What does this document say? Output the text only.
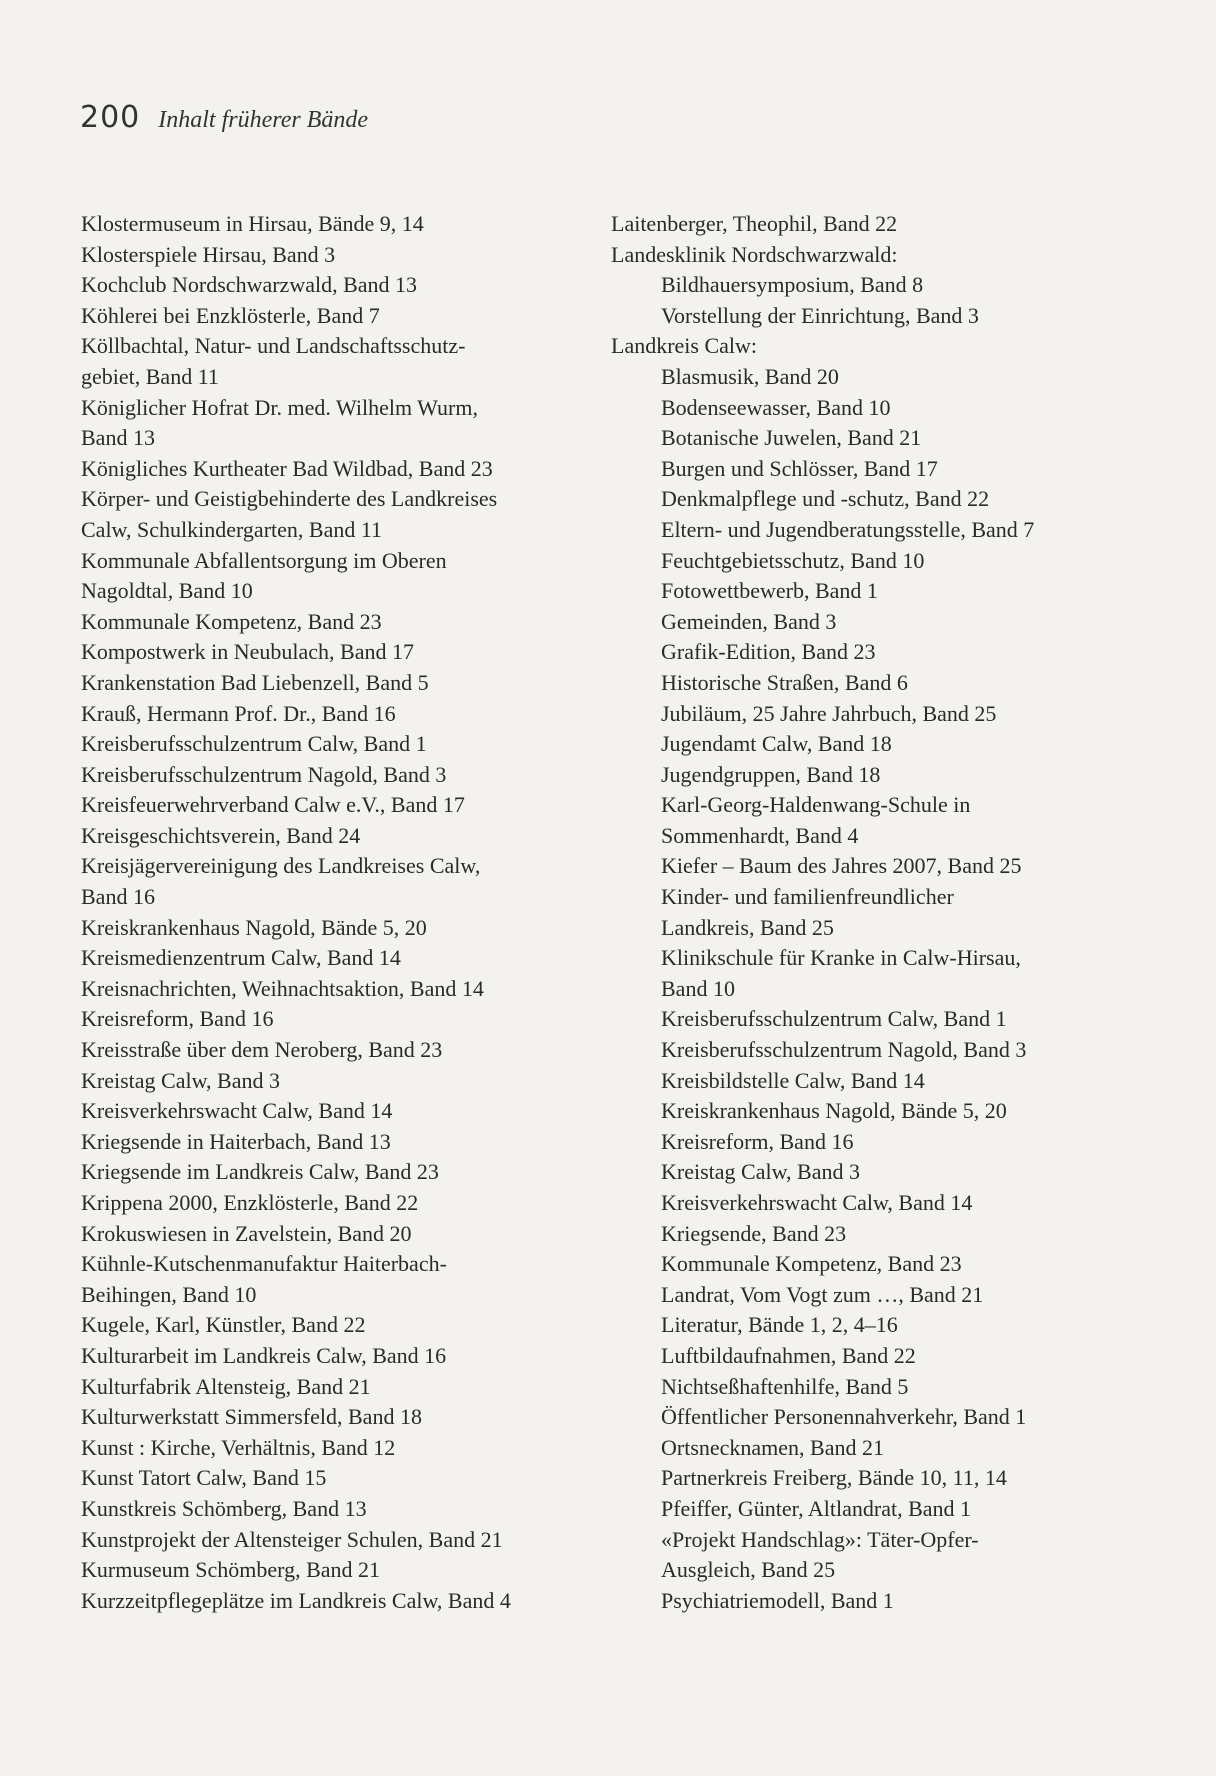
200 Inhalt früherer Bände
Klostermuseum in Hirsau, Bände 9, 14
Klosterspiele Hirsau, Band 3
Kochclub Nordschwarzwald, Band 13
Köhlerei bei Enzklösterle, Band 7
Köllbachtal, Natur- und Landschaftsschutz-
gebiet, Band 11
Königlicher Hofrat Dr. med. Wilhelm Wurm,
Band 13
Königliches Kurtheater Bad Wildbad, Band 23
Körper- und Geistigbehinderte des Landkreises
Calw, Schulkindergarten, Band 11
Kommunale Abfallentsorgung im Oberen
Nagoldtal, Band 10
Kommunale Kompetenz, Band 23
Kompostwerk in Neubulach, Band 17
Krankenstation Bad Liebenzell, Band 5
Krauß, Hermann Prof. Dr., Band 16
Kreisberufsschulzentrum Calw, Band 1
Kreisberufsschulzentrum Nagold, Band 3
Kreisfeuerwehrverband Calw e.V., Band 17
Kreisgeschichtsverein, Band 24
Kreisjägervereinigung des Landkreises Calw,
Band 16
Kreiskrankenhaus Nagold, Bände 5, 20
Kreismedienzentrum Calw, Band 14
Kreisnachrichten, Weihnachtsaktion, Band 14
Kreisreform, Band 16
Kreisstraße über dem Neroberg, Band 23
Kreistag Calw, Band 3
Kreisverkehrswacht Calw, Band 14
Kriegsende in Haiterbach, Band 13
Kriegsende im Landkreis Calw, Band 23
Krippena 2000, Enzklösterle, Band 22
Krokuswiesen in Zavelstein, Band 20
Kühnle-Kutschenmanufaktur Haiterbach-
Beihingen, Band 10
Kugele, Karl, Künstler, Band 22
Kulturarbeit im Landkreis Calw, Band 16
Kulturfabrik Altensteig, Band 21
Kulturwerkstatt Simmersfeld, Band 18
Kunst : Kirche, Verhältnis, Band 12
Kunst Tatort Calw, Band 15
Kunstkreis Schömberg, Band 13
Kunstprojekt der Altensteiger Schulen, Band 21
Kurmuseum Schömberg, Band 21
Kurzzeitpflegeplätze im Landkreis Calw, Band 4
Laitenberger, Theophil, Band 22
Landesklinik Nordschwarzwald:
Bildhauersymposium, Band 8
Vorstellung der Einrichtung, Band 3
Landkreis Calw:
Blasmusik, Band 20
Bodenseewasser, Band 10
Botanische Juwelen, Band 21
Burgen und Schlösser, Band 17
Denkmalpflege und -schutz, Band 22
Eltern- und Jugendberatungsstelle, Band 7
Feuchtgebietsschutz, Band 10
Fotowettbewerb, Band 1
Gemeinden, Band 3
Grafik-Edition, Band 23
Historische Straßen, Band 6
Jubiläum, 25 Jahre Jahrbuch, Band 25
Jugendamt Calw, Band 18
Jugendgruppen, Band 18
Karl-Georg-Haldenwang-Schule in
Sommenhardt, Band 4
Kiefer – Baum des Jahres 2007, Band 25
Kinder- und familienfreundlicher
Landkreis, Band 25
Klinikschule für Kranke in Calw-Hirsau,
Band 10
Kreisberufsschulzentrum Calw, Band 1
Kreisberufsschulzentrum Nagold, Band 3
Kreisbildstelle Calw, Band 14
Kreiskrankenhaus Nagold, Bände 5, 20
Kreisreform, Band 16
Kreistag Calw, Band 3
Kreisverkehrswacht Calw, Band 14
Kriegsende, Band 23
Kommunale Kompetenz, Band 23
Landrat, Vom Vogt zum …, Band 21
Literatur, Bände 1, 2, 4–16
Luftbildaufnahmen, Band 22
Nichtseßhaftenhilfe, Band 5
Öffentlicher Personennahverkehr, Band 1
Ortsnecknamen, Band 21
Partnerkreis Freiberg, Bände 10, 11, 14
Pfeiffer, Günter, Altlandrat, Band 1
«Projekt Handschlag»: Täter-Opfer-
Ausgleich, Band 25
Psychiatriemodell, Band 1
